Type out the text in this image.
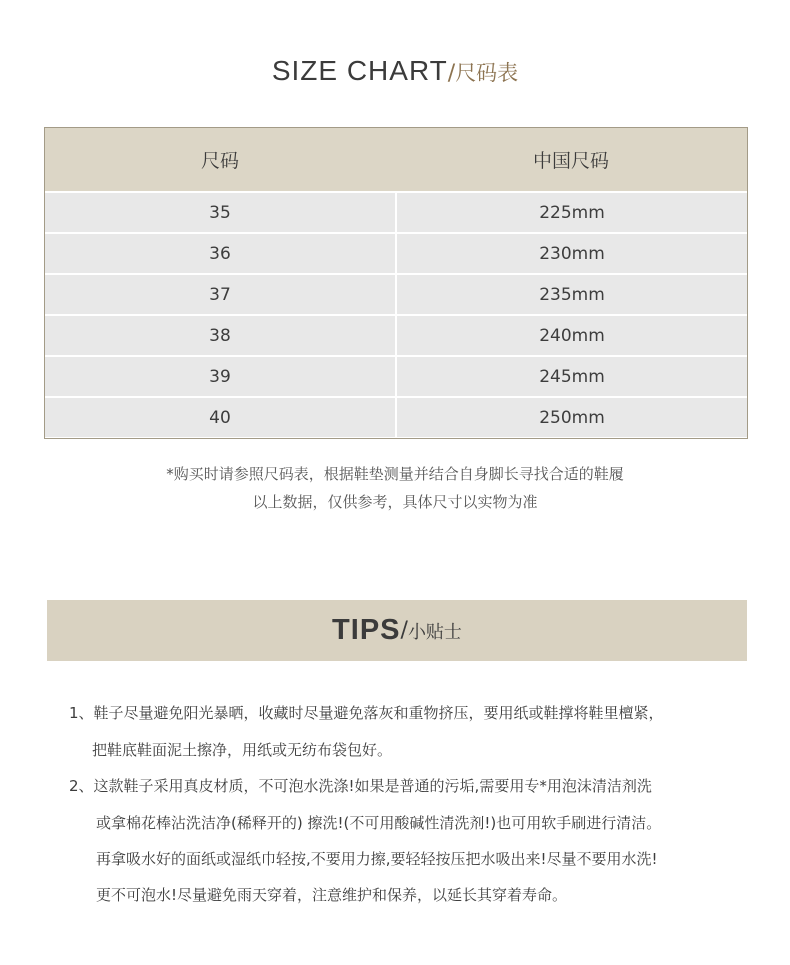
SIZE CHART/尺码表
尺码	中国尺码
35	225mm
36	230mm
37	235mm
38	240mm
39	245mm
40	250mm
*购买时请参照尺码表，根据鞋垫测量并结合自身脚长寻找合适的鞋履
以上数据，仅供参考，具体尺寸以实物为准
TIPS / 小贴士
1、鞋子尽量避免阳光暴晒，收藏时尽量避免落灰和重物挤压，要用纸或鞋撑将鞋里檀紧，
把鞋底鞋面泥土擦净，用纸或无纺布袋包好。
2、这款鞋子采用真皮材质，不可泡水洗涤!如果是普通的污垢,需要用专*用泡沫清洁剂洗
或拿棉花棒沾洗洁净(稀释开的) 擦洗!(不可用酸碱性清洗剂!)也可用软手刷进行清洁。
再拿吸水好的面纸或湿纸巾轻按,不要用力擦,要轻轻按压把水吸出来!尽量不要用水洗!
更不可泡水!尽量避免雨天穿着，注意维护和保养，以延长其穿着寿命。
